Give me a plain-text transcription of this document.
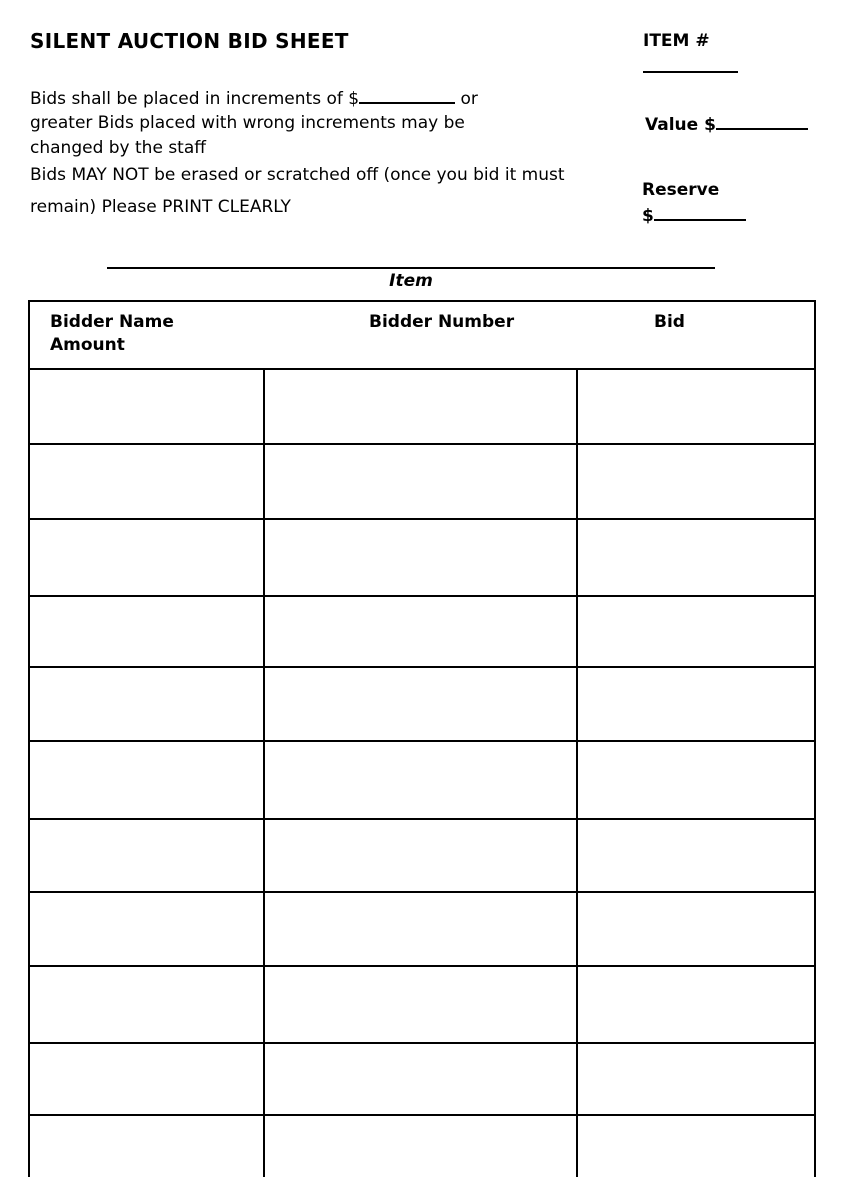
SILENT AUCTION BID SHEET
Bids shall be placed in increments of $	or
greater Bids placed with wrong increments may be
changed by the staff
Bids MAY NOT be erased or scratched off (once you bid it must
remain) Please PRINT CLEARLY
ITEM #
Value $
Reserve
$
Item
Bidder Name
Amount
Bidder Number	Bid
